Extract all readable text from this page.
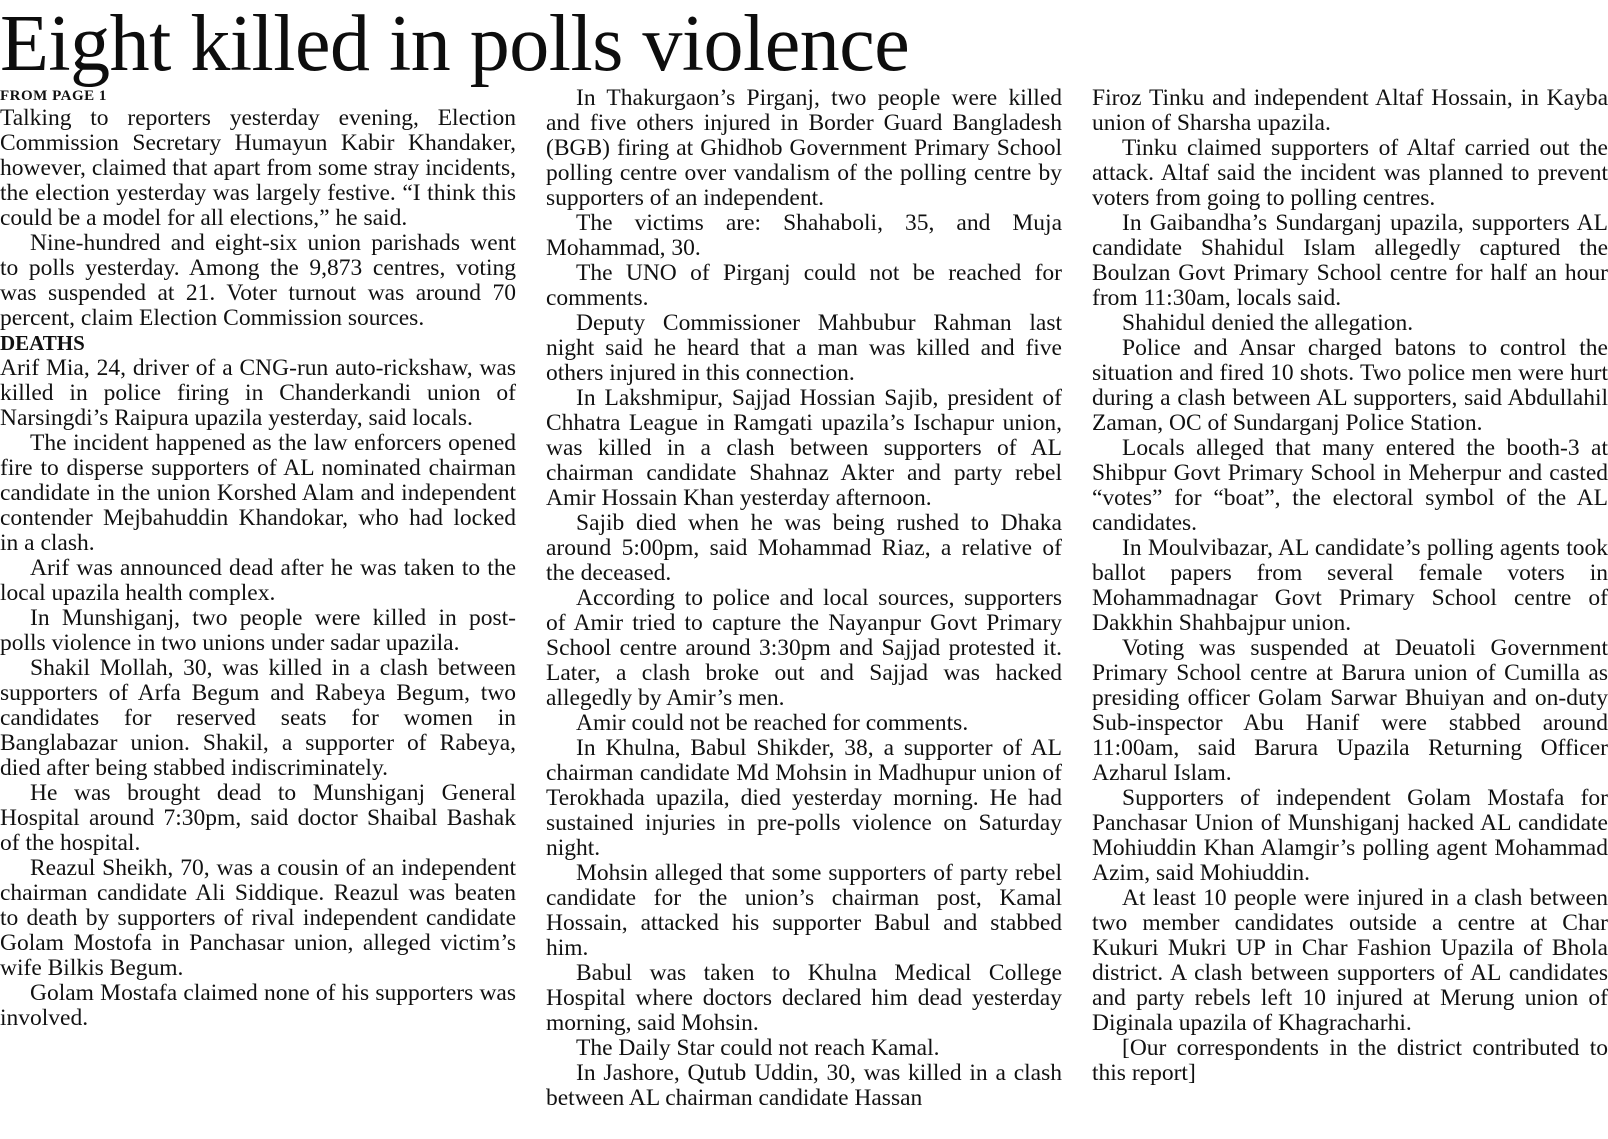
Eight killed in polls violence

FROM PAGE 1

Talking to reporters yesterday evening, Election Commission Secretary Humayun Kabir Khandaker, however, claimed that apart from some stray incidents, the election yesterday was largely festive. “I think this could be a model for all elections,” he said.

Nine-hundred and eight-six union parishads went to polls yesterday. Among the 9,873 centres, voting was suspended at 21. Voter turnout was around 70 percent, claim Election Commission sources.

DEATHS

Arif Mia, 24, driver of a CNG-run auto-rickshaw, was killed in police firing in Chanderkandi union of Narsingdi’s Raipura upazila yesterday, said locals.

The incident happened as the law enforcers opened fire to disperse supporters of AL nominated chairman candidate in the union Korshed Alam and independent contender Mejbahuddin Khandokar, who had locked in a clash.

Arif was announced dead after he was taken to the local upazila health complex.

In Munshiganj, two people were killed in post-polls violence in two unions under sadar upazila.

Shakil Mollah, 30, was killed in a clash between supporters of Arfa Begum and Rabeya Begum, two candidates for reserved seats for women in Banglabazar union. Shakil, a supporter of Rabeya, died after being stabbed indiscriminately.

He was brought dead to Munshiganj General Hospital around 7:30pm, said doctor Shaibal Bashak of the hospital.

Reazul Sheikh, 70, was a cousin of an independent chairman candidate Ali Siddique. Reazul was beaten to death by supporters of rival independent candidate Golam Mostofa in Panchasar union, alleged victim’s wife Bilkis Begum.

Golam Mostafa claimed none of his supporters was involved.

In Thakurgaon’s Pirganj, two people were killed and five others injured in Border Guard Bangladesh (BGB) firing at Ghidhob Government Primary School polling centre over vandalism of the polling centre by supporters of an independent.

The victims are: Shahaboli, 35, and Muja Mohammad, 30.

The UNO of Pirganj could not be reached for comments.

Deputy Commissioner Mahbubur Rahman last night said he heard that a man was killed and five others injured in this connection.

In Lakshmipur, Sajjad Hossian Sajib, president of Chhatra League in Ramgati upazila’s Ischapur union, was killed in a clash between supporters of AL chairman candidate Shahnaz Akter and party rebel Amir Hossain Khan yesterday afternoon.

Sajib died when he was being rushed to Dhaka around 5:00pm, said Mohammad Riaz, a relative of the deceased.

According to police and local sources, supporters of Amir tried to capture the Nayanpur Govt Primary School centre around 3:30pm and Sajjad protested it. Later, a clash broke out and Sajjad was hacked allegedly by Amir’s men.

Amir could not be reached for comments.

In Khulna, Babul Shikder, 38, a supporter of AL chairman candidate Md Mohsin in Madhupur union of Terokhada upazila, died yesterday morning. He had sustained injuries in pre-polls violence on Saturday night.

Mohsin alleged that some supporters of party rebel candidate for the union’s chairman post, Kamal Hossain, attacked his supporter Babul and stabbed him.

Babul was taken to Khulna Medical College Hospital where doctors declared him dead yesterday morning, said Mohsin.

The Daily Star could not reach Kamal.

In Jashore, Qutub Uddin, 30, was killed in a clash between AL chairman candidate Hassan

Firoz Tinku and independent Altaf Hossain, in Kayba union of Sharsha upazila.

Tinku claimed supporters of Altaf carried out the attack. Altaf said the incident was planned to prevent voters from going to polling centres.

In Gaibandha’s Sundarganj upazila, supporters AL candidate Shahidul Islam allegedly captured the Boulzan Govt Primary School centre for half an hour from 11:30am, locals said.

Shahidul denied the allegation.

Police and Ansar charged batons to control the situation and fired 10 shots. Two police men were hurt during a clash between AL supporters, said Abdullahil Zaman, OC of Sundarganj Police Station.

Locals alleged that many entered the booth-3 at Shibpur Govt Primary School in Meherpur and casted “votes” for “boat”, the electoral symbol of the AL candidates.

In Moulvibazar, AL candidate’s polling agents took ballot papers from several female voters in Mohammadnagar Govt Primary School centre of Dakkhin Shahbajpur union.

Voting was suspended at Deuatoli Government Primary School centre at Barura union of Cumilla as presiding officer Golam Sarwar Bhuiyan and on-duty Sub-inspector Abu Hanif were stabbed around 11:00am, said Barura Upazila Returning Officer Azharul Islam.

Supporters of independent Golam Mostafa for Panchasar Union of Munshiganj hacked AL candidate Mohiuddin Khan Alamgir’s polling agent Mohammad Azim, said Mohiuddin.

At least 10 people were injured in a clash between two member candidates outside a centre at Char Kukuri Mukri UP in Char Fashion Upazila of Bhola district. A clash between supporters of AL candidates and party rebels left 10 injured at Merung union of Diginala upazila of Khagracharhi.

[Our correspondents in the district contributed to this report]
